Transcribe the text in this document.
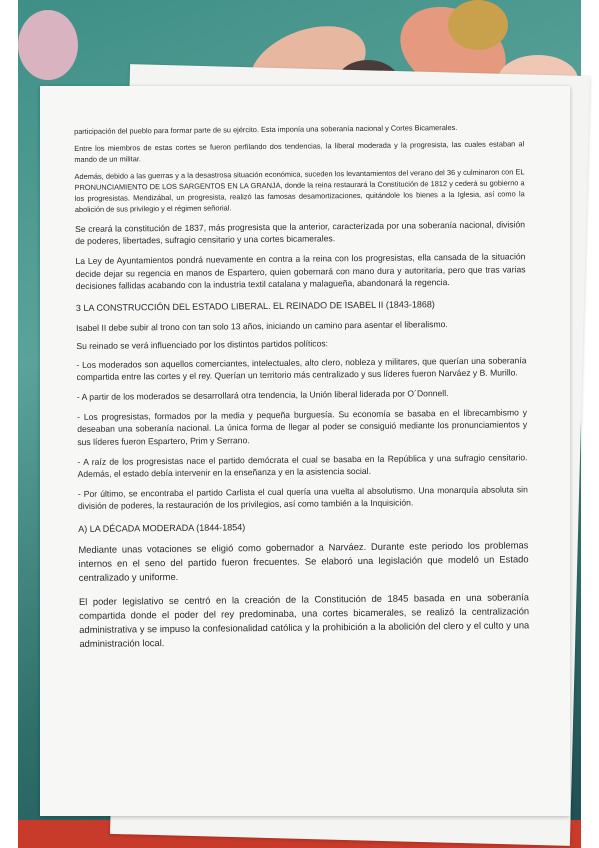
participación del pueblo para formar parte de su ejército. Esta imponía una soberanía nacional y Cortes Bicamerales.

Entre los miembros de estas cortes se fueron perfilando dos tendencias, la liberal moderada y la progresista, las cuales estaban al mando de un militar.

Además, debido a las guerras y a la desastrosa situación económica, suceden los levantamientos del verano del 36 y culminaron con EL PRONUNCIAMIENTO DE LOS SARGENTOS EN LA GRANJA, donde la reina restaurará la Constitución de 1812 y cederá su gobierno a los progresistas. Mendizábal, un progresista, realizó las famosas desamortizaciones, quitándole los bienes a la Iglesia, así como la abolición de sus privilegio y el régimen señorial.

Se creará la constitución de 1837, más progresista que la anterior, caracterizada por una soberanía nacional, división de poderes, libertades, sufragio censitario y una cortes bicamerales.

La Ley de Ayuntamientos pondrá nuevamente en contra a la reina con los progresistas, ella cansada de la situación decide dejar su regencia en manos de Espartero, quien gobernará con mano dura y autoritaria, pero que tras varias decisiones fallidas acabando con la industria textil catalana y malagueña, abandonará la regencia.

3 LA CONSTRUCCIÓN DEL ESTADO LIBERAL. EL REINADO DE ISABEL II (1843-1868)

Isabel II debe subir al trono con tan solo 13 años, iniciando un camino para asentar el liberalismo.

Su reinado se verá influenciado por los distintos partidos políticos:

- Los moderados son aquellos comerciantes, intelectuales, alto clero, nobleza y militares, que querían una soberanía compartida entre las cortes y el rey. Querían un territorio más centralizado y sus líderes fueron Narváez y B. Murillo.

- A partir de los moderados se desarrollará otra tendencia, la Unión liberal liderada por O´Donnell.

- Los progresistas, formados por la media y pequeña burguesía. Su economía se basaba en el librecambismo y deseaban una soberanía nacional. La única forma de llegar al poder se consiguió mediante los pronunciamientos y sus líderes fueron Espartero, Prim y Serrano.

- A raíz de los progresistas nace el partido demócrata el cual se basaba en la República y una sufragio censitario. Además, el estado debía intervenir en la enseñanza y en la asistencia social.

- Por último, se encontraba el partido Carlista el cual quería una vuelta al absolutismo. Una monarquía absoluta sin división de poderes, la restauración de los privilegios, así como también a la Inquisición.

A) LA DÉCADA MODERADA (1844-1854)

Mediante unas votaciones se eligió como gobernador a Narváez. Durante este periodo los problemas internos en el seno del partido fueron frecuentes. Se elaboró una legislación que modeló un Estado centralizado y uniforme.

El poder legislativo se centró en la creación de la Constitución de 1845 basada en una soberanía compartida donde el poder del rey predominaba, una cortes bicamerales, se realizó la centralización administrativa y se impuso la confesionalidad católica y la prohibición a la abolición del clero y el culto y una administración local.
